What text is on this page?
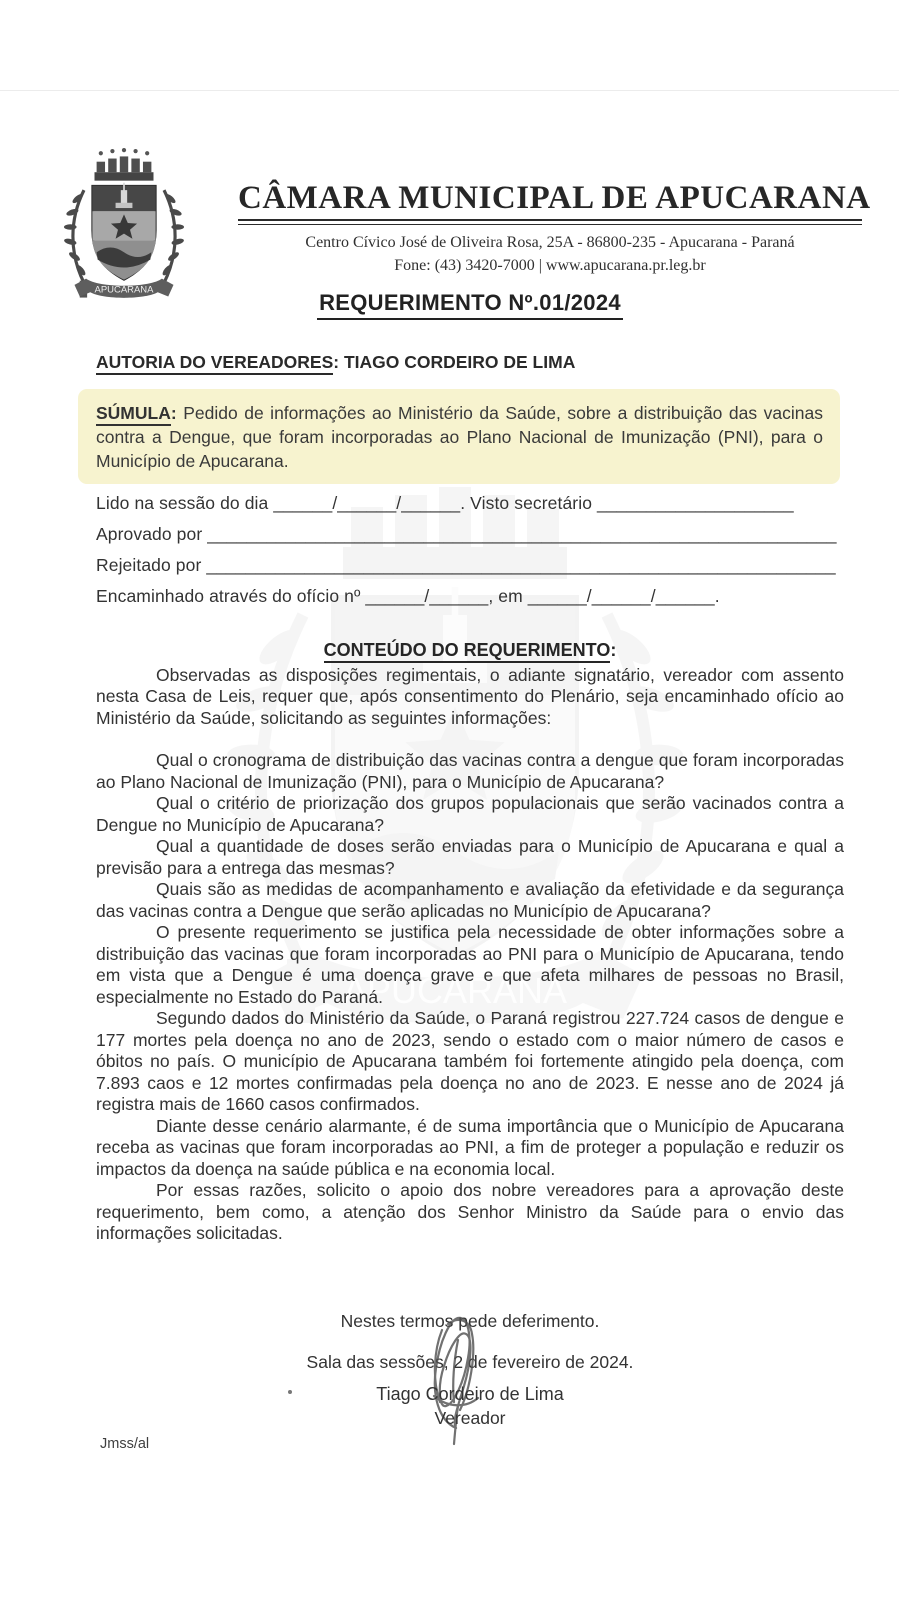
CÂMARA MUNICIPAL DE APUCARANA
Centro Cívico José de Oliveira Rosa, 25A - 86800-235 - Apucarana - Paraná
Fone: (43) 3420-7000 | www.apucarana.pr.leg.br
REQUERIMENTO Nº.01/2024
AUTORIA DO VEREADORES: TIAGO CORDEIRO DE LIMA
SÚMULA: Pedido de informações ao Ministério da Saúde, sobre a distribuição das vacinas contra a Dengue, que foram incorporadas ao Plano Nacional de Imunização (PNI), para o Município de Apucarana.

Lido na sessão do dia ______/______/______. Visto secretário ____________________

Aprovado por ________________________________________________________________

Rejeitado por ________________________________________________________________

Encaminhado através do ofício nº ______/______, em ______/______/______.

CONTEÚDO DO REQUERIMENTO:

Observadas as disposições regimentais, o adiante signatário, vereador com assento nesta Casa de Leis, requer que, após consentimento do Plenário, seja encaminhado ofício ao Ministério da Saúde, solicitando as seguintes informações:

Qual o cronograma de distribuição das vacinas contra a dengue que foram incorporadas ao Plano Nacional de Imunização (PNI), para o Município de Apucarana?

Qual o critério de priorização dos grupos populacionais que serão vacinados contra a Dengue no Município de Apucarana?

Qual a quantidade de doses serão enviadas para o Município de Apucarana e qual a previsão para a entrega das mesmas?

Quais são as medidas de acompanhamento e avaliação da efetividade e da segurança das vacinas contra a Dengue que serão aplicadas no Município de Apucarana?

O presente requerimento se justifica pela necessidade de obter informações sobre a distribuição das vacinas que foram incorporadas ao PNI para o Município de Apucarana, tendo em vista que a Dengue é uma doença grave e que afeta milhares de pessoas no Brasil, especialmente no Estado do Paraná.

Segundo dados do Ministério da Saúde, o Paraná registrou 227.724 casos de dengue e 177 mortes pela doença no ano de 2023, sendo o estado com o maior número de casos e óbitos no país. O município de Apucarana também foi fortemente atingido pela doença, com 7.893 caos e 12 mortes confirmadas pela doença no ano de 2023. E nesse ano de 2024 já registra mais de 1660 casos confirmados.

Diante desse cenário alarmante, é de suma importância que o Município de Apucarana receba as vacinas que foram incorporadas ao PNI, a fim de proteger a população e reduzir os impactos da doença na saúde pública e na economia local.

Por essas razões, solicito o apoio dos nobre vereadores para a aprovação deste requerimento, bem como, a atenção dos Senhor Ministro da Saúde para o envio das informações solicitadas.

Nestes termos pede deferimento.
Sala das sessões, 2 de fevereiro de 2024.
Tiago Cordeiro de Lima
Vereador
Jmss/al
